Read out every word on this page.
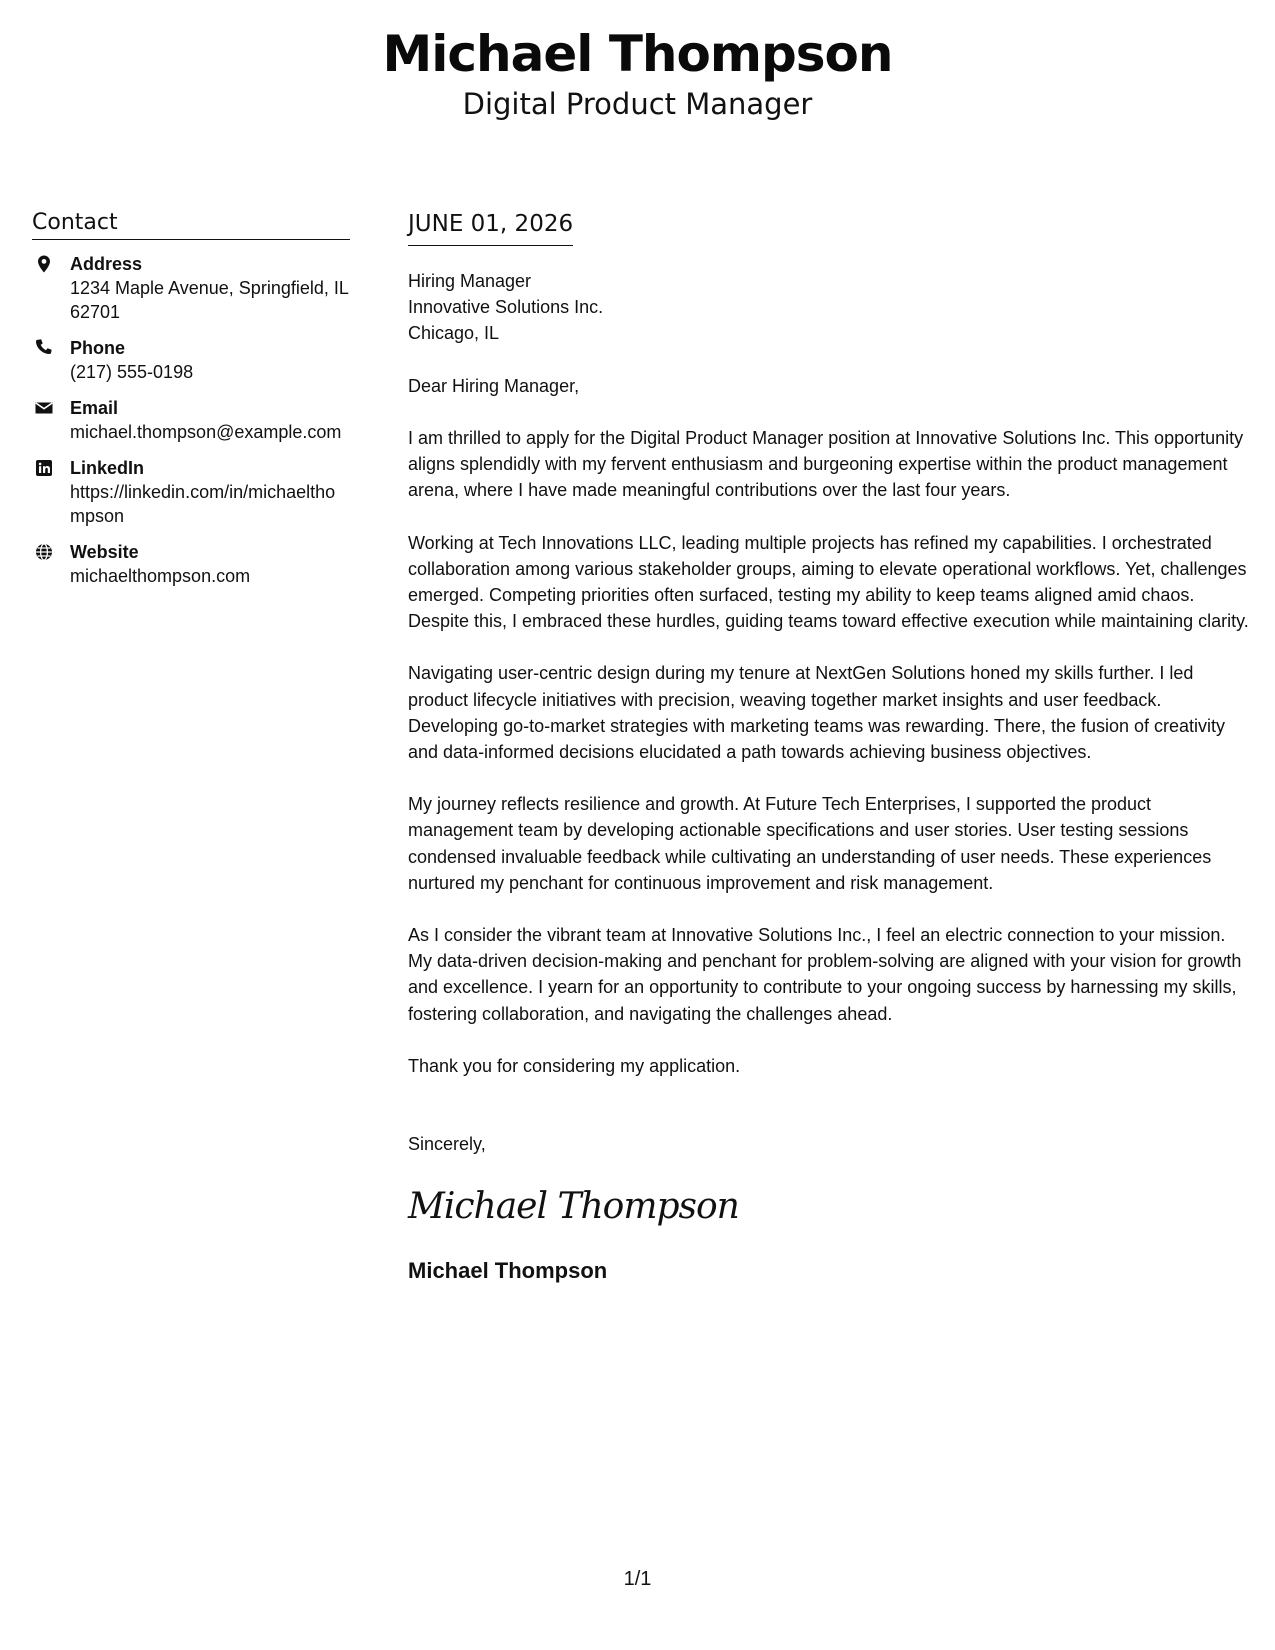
Michael Thompson
Digital Product Manager
Contact
Address
1234 Maple Avenue, Springfield, IL 62701
Phone
(217) 555-0198
Email
michael.thompson@example.com
LinkedIn
https://linkedin.com/in/michaelthompson
Website
michaelthompson.com
JUNE 01, 2026
Hiring Manager
Innovative Solutions Inc.
Chicago, IL
Dear Hiring Manager,
I am thrilled to apply for the Digital Product Manager position at Innovative Solutions Inc. This opportunity aligns splendidly with my fervent enthusiasm and burgeoning expertise within the product management arena, where I have made meaningful contributions over the last four years.
Working at Tech Innovations LLC, leading multiple projects has refined my capabilities. I orchestrated collaboration among various stakeholder groups, aiming to elevate operational workflows. Yet, challenges emerged. Competing priorities often surfaced, testing my ability to keep teams aligned amid chaos. Despite this, I embraced these hurdles, guiding teams toward effective execution while maintaining clarity.
Navigating user-centric design during my tenure at NextGen Solutions honed my skills further. I led product lifecycle initiatives with precision, weaving together market insights and user feedback. Developing go-to-market strategies with marketing teams was rewarding. There, the fusion of creativity and data-informed decisions elucidated a path towards achieving business objectives.
My journey reflects resilience and growth. At Future Tech Enterprises, I supported the product management team by developing actionable specifications and user stories. User testing sessions condensed invaluable feedback while cultivating an understanding of user needs. These experiences nurtured my penchant for continuous improvement and risk management.
As I consider the vibrant team at Innovative Solutions Inc., I feel an electric connection to your mission. My data-driven decision-making and penchant for problem-solving are aligned with your vision for growth and excellence. I yearn for an opportunity to contribute to your ongoing success by harnessing my skills, fostering collaboration, and navigating the challenges ahead.
Thank you for considering my application.
Sincerely,
Michael Thompson
Michael Thompson
1/1
